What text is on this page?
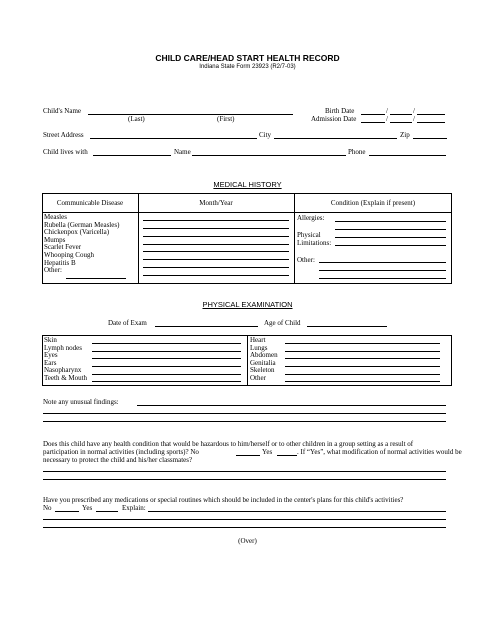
CHILD CARE/HEAD START HEALTH RECORD
Indiana State Form 23923 (R2/7-03)
Child's Name
(Last)	(First)
Birth Date	/	/
Admission Date	/	/
Street Address	City	Zip
Child lives with	Name	Phone
MEDICAL HISTORY
Communicable Disease	Month/Year	Condition (Explain if present)
Measles
Rubella (German Measles)
Chickenpox (Varicella)
Mumps
Scarlet Fever
Whooping Cough
Hepatitis B
Other:
Allergies:
Physical
Limitations:
Other:
PHYSICAL EXAMINATION
Date of Exam	Age of Child
Skin
Lymph nodes
Eyes
Ears
Nasopharynx
Teeth & Mouth
Heart
Lungs
Abdomen
Genitalia
Skeleton
Other
Note any unusual findings:
Does this child have any health condition that would be hazardous to him/herself or to other children in a group setting as a result of
participation in normal activities (including sports)? No	Yes	. If “Yes”, what modification of normal activities would be
necessary to protect the child and his/her classmates?
Have you prescribed any medications or special routines which should be included in the center's plans for this child's activities?
No	Yes	Explain:
(Over)
